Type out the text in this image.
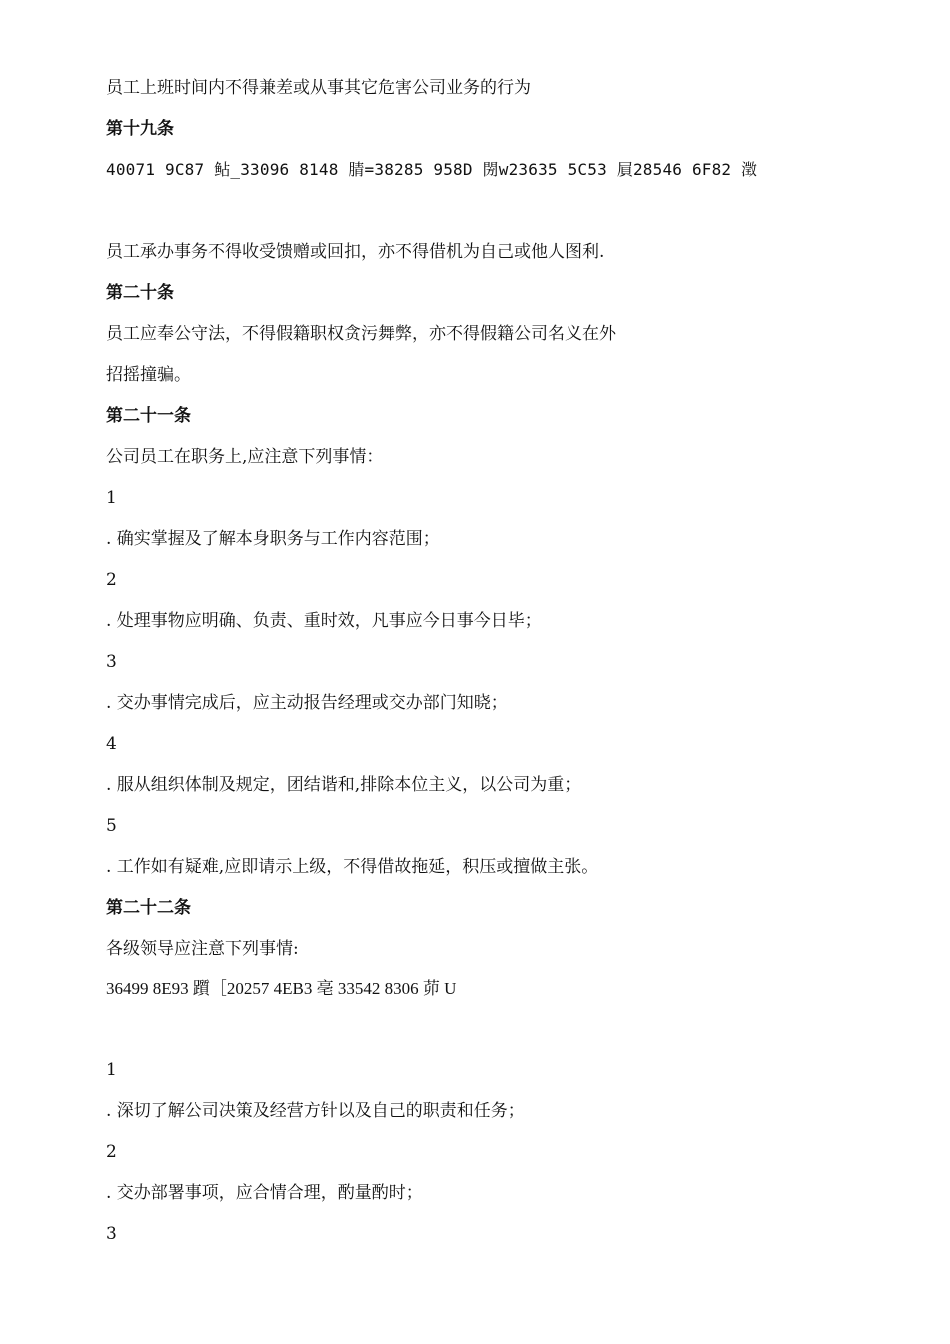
员工上班时间内不得兼差或从事其它危害公司业务的行为
第十九条
40071 9C87 鲇_33096 8148 腈=38285 958D 閍w23635 5C53 屓28546 6F82 澂
员工承办事务不得收受馈赠或回扣，亦不得借机为自己或他人图利.
第二十条
员工应奉公守法，不得假籍职权贪污舞弊，亦不得假籍公司名义在外
招摇撞骗。
第二十一条
公司员工在职务上,应注意下列事情：
1
. 确实掌握及了解本身职务与工作内容范围；
2
. 处理事物应明确、负责、重时效，凡事应今日事今日毕；
3
. 交办事情完成后，应主动报告经理或交办部门知晓；
4
. 服从组织体制及规定，团结谐和,排除本位主义，以公司为重；
5
. 工作如有疑难,应即请示上级，不得借故拖延，积压或擅做主张。
第二十二条
各级领导应注意下列事情:
36499 8E93 躓［20257 4EB3 亳 33542 8306 茆 U
1
. 深切了解公司决策及经营方针以及自己的职责和任务；
2
. 交办部署事项，应合情合理，酌量酌时；
3
